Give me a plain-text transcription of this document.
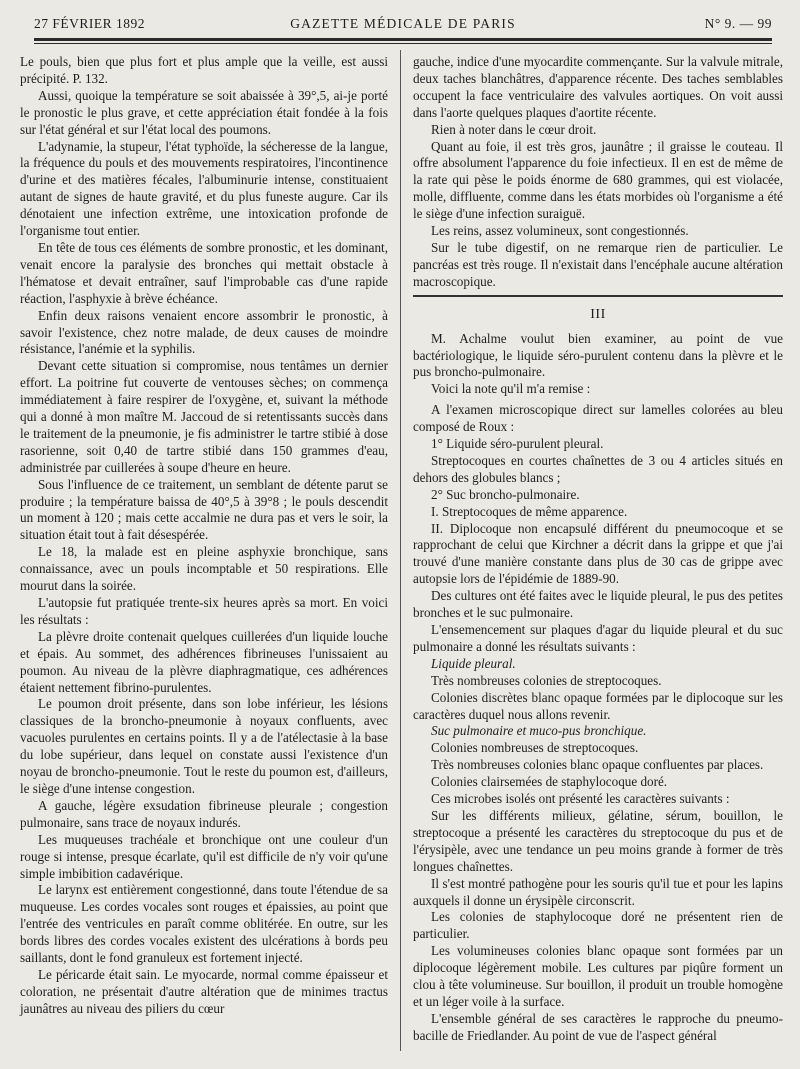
27 FÉVRIER 1892	GAZETTE MÉDICALE DE PARIS	N° 9. — 99

Le pouls, bien que plus fort et plus ample que la veille, est aussi précipité. P. 132.

Aussi, quoique la température se soit abaissée à 39°,5, ai-je porté le pronostic le plus grave, et cette appréciation était fondée à la fois sur l'état général et sur l'état local des poumons.

L'adynamie, la stupeur, l'état typhoïde, la sécheresse de la langue, la fréquence du pouls et des mouvements respiratoires, l'incontinence d'urine et des matières fécales, l'albuminurie intense, constituaient autant de signes de haute gravité, et du plus funeste augure. Car ils dénotaient une infection extrême, une intoxication profonde de l'organisme tout entier.

En tête de tous ces éléments de sombre pronostic, et les dominant, venait encore la paralysie des bronches qui mettait obstacle à l'hématose et devait entraîner, sauf l'improbable cas d'une rapide réaction, l'asphyxie à brève échéance.

Enfin deux raisons venaient encore assombrir le pronostic, à savoir l'existence, chez notre malade, de deux causes de moindre résistance, l'anémie et la syphilis.

Devant cette situation si compromise, nous tentâmes un dernier effort. La poitrine fut couverte de ventouses sèches; on commença immédiatement à faire respirer de l'oxygène, et, suivant la méthode qui a donné à mon maître M. Jaccoud de si retentissants succès dans le traitement de la pneumonie, je fis administrer le tartre stibié à dose rasorienne, soit 0,40 de tartre stibié dans 150 grammes d'eau, administrée par cuillerées à soupe d'heure en heure.

Sous l'influence de ce traitement, un semblant de détente parut se produire ; la température baissa de 40°,5 à 39°8 ; le pouls descendit un moment à 120 ; mais cette accalmie ne dura pas et vers le soir, la situation était tout à fait désespérée.

Le 18, la malade est en pleine asphyxie bronchique, sans connaissance, avec un pouls incomptable et 50 respirations. Elle mourut dans la soirée.

L'autopsie fut pratiquée trente-six heures après sa mort. En voici les résultats :

La plèvre droite contenait quelques cuillerées d'un liquide louche et épais. Au sommet, des adhérences fibrineuses l'unissaient au poumon. Au niveau de la plèvre diaphragmatique, ces adhérences étaient nettement fibrino-purulentes.

Le poumon droit présente, dans son lobe inférieur, les lésions classiques de la broncho-pneumonie à noyaux confluents, avec vacuoles purulentes en certains points. Il y a de l'atélectasie à la base du lobe supérieur, dans lequel on constate aussi l'existence d'un noyau de broncho-pneumonie. Tout le reste du poumon est, d'ailleurs, le siège d'une intense congestion.

A gauche, légère exsudation fibrineuse pleurale ; congestion pulmonaire, sans trace de noyaux indurés.

Les muqueuses trachéale et bronchique ont une couleur d'un rouge si intense, presque écarlate, qu'il est difficile de n'y voir qu'une simple imbibition cadavérique.

Le larynx est entièrement congestionné, dans toute l'étendue de sa muqueuse. Les cordes vocales sont rouges et épaissies, au point que l'entrée des ventricules en paraît comme oblitérée. En outre, sur les bords libres des cordes vocales existent des ulcérations à bords peu saillants, dont le fond granuleux est fortement injecté.

Le péricarde était sain. Le myocarde, normal comme épaisseur et coloration, ne présentait d'autre altération que de minimes tractus jaunâtres au niveau des piliers du cœur

gauche, indice d'une myocardite commençante. Sur la valvule mitrale, deux taches blanchâtres, d'apparence récente. Des taches semblables occupent la face ventriculaire des valvules aortiques. On voit aussi dans l'aorte quelques plaques d'aortite récente.

Rien à noter dans le cœur droit.

Quant au foie, il est très gros, jaunâtre ; il graisse le couteau. Il offre absolument l'apparence du foie infectieux. Il en est de même de la rate qui pèse le poids énorme de 680 grammes, qui est violacée, molle, diffluente, comme dans les états morbides où l'organisme a été le siège d'une infection suraiguë.

Les reins, assez volumineux, sont congestionnés.

Sur le tube digestif, on ne remarque rien de particulier. Le pancréas est très rouge. Il n'existait dans l'encéphale aucune altération macroscopique.

III

M. Achalme voulut bien examiner, au point de vue bactériologique, le liquide séro-purulent contenu dans la plèvre et le pus broncho-pulmonaire.

Voici la note qu'il m'a remise :

A l'examen microscopique direct sur lamelles colorées au bleu composé de Roux :

1° Liquide séro-purulent pleural.

Streptocoques en courtes chaînettes de 3 ou 4 articles situés en dehors des globules blancs ;

2° Suc broncho-pulmonaire.

I. Streptocoques de même apparence.

II. Diplocoque non encapsulé différent du pneumocoque et se rapprochant de celui que Kirchner a décrit dans la grippe et que j'ai trouvé d'une manière constante dans plus de 30 cas de grippe avec autopsie lors de l'épidémie de 1889-90.

Des cultures ont été faites avec le liquide pleural, le pus des petites bronches et le suc pulmonaire.

L'ensemencement sur plaques d'agar du liquide pleural et du suc pulmonaire a donné les résultats suivants :

Liquide pleural.

Très nombreuses colonies de streptocoques.

Colonies discrètes blanc opaque formées par le diplocoque sur les caractères duquel nous allons revenir.

Suc pulmonaire et muco-pus bronchique.

Colonies nombreuses de streptocoques.

Très nombreuses colonies blanc opaque confluentes par places.

Colonies clairsemées de staphylocoque doré.

Ces microbes isolés ont présenté les caractères suivants :

Sur les différents milieux, gélatine, sérum, bouillon, le streptocoque a présenté les caractères du streptocoque du pus et de l'érysipèle, avec une tendance un peu moins grande à former de très longues chaînettes.

Il s'est montré pathogène pour les souris qu'il tue et pour les lapins auxquels il donne un érysipèle circonscrit.

Les colonies de staphylocoque doré ne présentent rien de particulier.

Les volumineuses colonies blanc opaque sont formées par un diplocoque légèrement mobile. Les cultures par piqûre forment un clou à tête volumineuse. Sur bouillon, il produit un trouble homogène et un léger voile à la surface.

L'ensemble général de ses caractères le rapproche du pneumo-bacille de Friedlander. Au point de vue de l'aspect général
